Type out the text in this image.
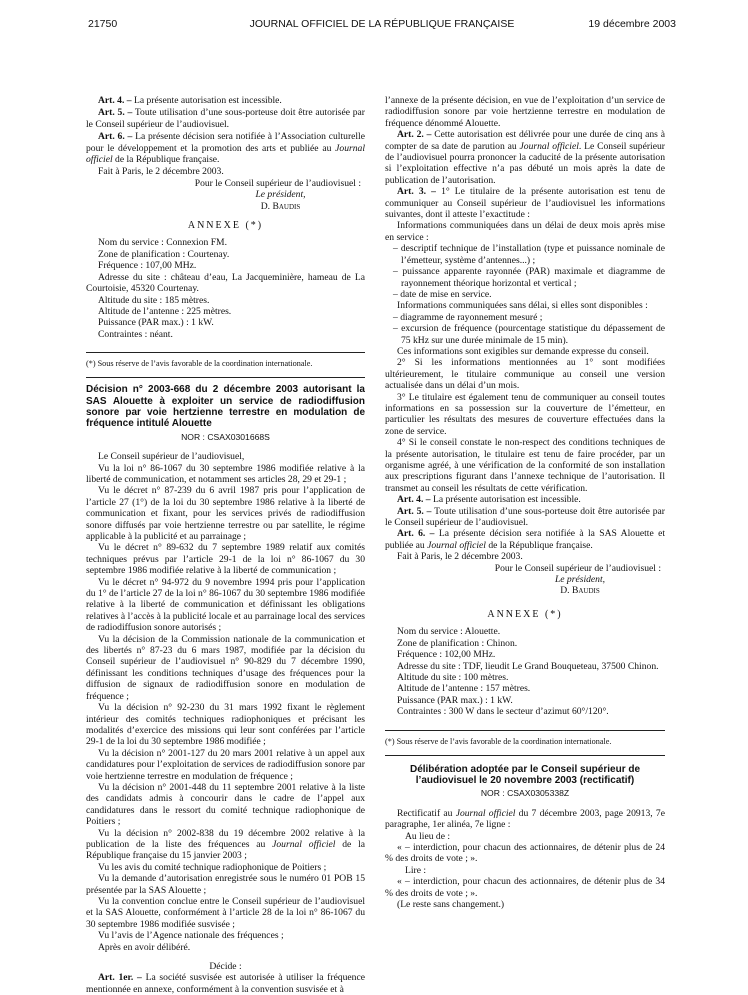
21750	JOURNAL OFFICIEL DE LA RÉPUBLIQUE FRANÇAISE	19 décembre 2003

Art. 4. – La présente autorisation est incessible.

Art. 5. – Toute utilisation d’une sous-porteuse doit être autorisée par le Conseil supérieur de l’audiovisuel.

Art. 6. – La présente décision sera notifiée à l’Association culturelle pour le développement et la promotion des arts et publiée au Journal officiel de la République française.

Fait à Paris, le 2 décembre 2003.

Pour le Conseil supérieur de l’audiovisuel :

Le président,

D. Baudis

ANNEXE (*)

Nom du service : Connexion FM.

Zone de planification : Courtenay.

Fréquence : 107,00 MHz.

Adresse du site : château d’eau, La Jacqueminière, hameau de La Courtoisie, 45320 Courtenay.

Altitude du site : 185 mètres.

Altitude de l’antenne : 225 mètres.

Puissance (PAR max.) : 1 kW.

Contraintes : néant.

(*) Sous réserve de l’avis favorable de la coordination internationale.

Décision n° 2003-668 du 2 décembre 2003 autorisant la SAS Alouette à exploiter un service de radiodiffusion sonore par voie hertzienne terrestre en modulation de fréquence intitulé Alouette

NOR : CSAX0301668S

Le Conseil supérieur de l’audiovisuel,

Vu la loi n° 86-1067 du 30 septembre 1986 modifiée relative à la liberté de communication, et notamment ses articles 28, 29 et 29-1 ;

Vu le décret n° 87-239 du 6 avril 1987 pris pour l’application de l’article 27 (1°) de la loi du 30 septembre 1986 relative à la liberté de communication et fixant, pour les services privés de radiodiffusion sonore diffusés par voie hertzienne terrestre ou par satellite, le régime applicable à la publicité et au parrainage ;

Vu le décret n° 89-632 du 7 septembre 1989 relatif aux comités techniques prévus par l’article 29-1 de la loi n° 86-1067 du 30 septembre 1986 modifiée relative à la liberté de communication ;

Vu le décret n° 94-972 du 9 novembre 1994 pris pour l’application du 1° de l’article 27 de la loi n° 86-1067 du 30 septembre 1986 modifiée relative à la liberté de communication et définissant les obligations relatives à l’accès à la publicité locale et au parrainage local des services de radiodiffusion sonore autorisés ;

Vu la décision de la Commission nationale de la communication et des libertés n° 87-23 du 6 mars 1987, modifiée par la décision du Conseil supérieur de l’audiovisuel n° 90-829 du 7 décembre 1990, définissant les conditions techniques d’usage des fréquences pour la diffusion de signaux de radiodiffusion sonore en modulation de fréquence ;

Vu la décision n° 92-230 du 31 mars 1992 fixant le règlement intérieur des comités techniques radiophoniques et précisant les modalités d’exercice des missions qui leur sont conférées par l’article 29-1 de la loi du 30 septembre 1986 modifiée ;

Vu la décision n° 2001-127 du 20 mars 2001 relative à un appel aux candidatures pour l’exploitation de services de radiodiffusion sonore par voie hertzienne terrestre en modulation de fréquence ;

Vu la décision n° 2001-448 du 11 septembre 2001 relative à la liste des candidats admis à concourir dans le cadre de l’appel aux candidatures dans le ressort du comité technique radiophonique de Poitiers ;

Vu la décision n° 2002-838 du 19 décembre 2002 relative à la publication de la liste des fréquences au Journal officiel de la République française du 15 janvier 2003 ;

Vu les avis du comité technique radiophonique de Poitiers ;

Vu la demande d’autorisation enregistrée sous le numéro 01 POB 15 présentée par la SAS Alouette ;

Vu la convention conclue entre le Conseil supérieur de l’audiovisuel et la SAS Alouette, conformément à l’article 28 de la loi n° 86-1067 du 30 septembre 1986 modifiée susvisée ;

Vu l’avis de l’Agence nationale des fréquences ;

Après en avoir délibéré.

Décide :

Art. 1er. – La société susvisée est autorisée à utiliser la fréquence mentionnée en annexe, conformément à la convention susvisée et à

l’annexe de la présente décision, en vue de l’exploitation d’un service de radiodiffusion sonore par voie hertzienne terrestre en modulation de fréquence dénommé Alouette.

Art. 2. – Cette autorisation est délivrée pour une durée de cinq ans à compter de sa date de parution au Journal officiel. Le Conseil supérieur de l’audiovisuel pourra prononcer la caducité de la présente autorisation si l’exploitation effective n’a pas débuté un mois après la date de publication de l’autorisation.

Art. 3. – 1° Le titulaire de la présente autorisation est tenu de communiquer au Conseil supérieur de l’audiovisuel les informations suivantes, dont il atteste l’exactitude :

Informations communiquées dans un délai de deux mois après mise en service :

– descriptif technique de l’installation (type et puissance nominale de l’émetteur, système d’antennes...) ;

– puissance apparente rayonnée (PAR) maximale et diagramme de rayonnement théorique horizontal et vertical ;

– date de mise en service.

Informations communiquées sans délai, si elles sont disponibles :

– diagramme de rayonnement mesuré ;

– excursion de fréquence (pourcentage statistique du dépassement de 75 kHz sur une durée minimale de 15 min).

Ces informations sont exigibles sur demande expresse du conseil.

2° Si les informations mentionnées au 1° sont modifiées ultérieurement, le titulaire communique au conseil une version actualisée dans un délai d’un mois.

3° Le titulaire est également tenu de communiquer au conseil toutes informations en sa possession sur la couverture de l’émetteur, en particulier les résultats des mesures de couverture effectuées dans la zone de service.

4° Si le conseil constate le non-respect des conditions techniques de la présente autorisation, le titulaire est tenu de faire procéder, par un organisme agréé, à une vérification de la conformité de son installation aux prescriptions figurant dans l’annexe technique de l’autorisation. Il transmet au conseil les résultats de cette vérification.

Art. 4. – La présente autorisation est incessible.

Art. 5. – Toute utilisation d’une sous-porteuse doit être autorisée par le Conseil supérieur de l’audiovisuel.

Art. 6. – La présente décision sera notifiée à la SAS Alouette et publiée au Journal officiel de la République française.

Fait à Paris, le 2 décembre 2003.

Pour le Conseil supérieur de l’audiovisuel :

Le président,

D. Baudis

ANNEXE (*)

Nom du service : Alouette.

Zone de planification : Chinon.

Fréquence : 102,00 MHz.

Adresse du site : TDF, lieudit Le Grand Bouqueteau, 37500 Chinon.

Altitude du site : 100 mètres.

Altitude de l’antenne : 157 mètres.

Puissance (PAR max.) : 1 kW.

Contraintes : 300 W dans le secteur d’azimut 60°/120°.

(*) Sous réserve de l’avis favorable de la coordination internationale.

Délibération adoptée par le Conseil supérieur de l’audiovisuel le 20 novembre 2003 (rectificatif)

NOR : CSAX0305338Z

Rectificatif au Journal officiel du 7 décembre 2003, page 20913, 7e paragraphe, 1er alinéa, 7e ligne :

Au lieu de :

« – interdiction, pour chacun des actionnaires, de détenir plus de 24 % des droits de vote ; ».

Lire :

« – interdiction, pour chacun des actionnaires, de détenir plus de 34 % des droits de vote ; ».

(Le reste sans changement.)
